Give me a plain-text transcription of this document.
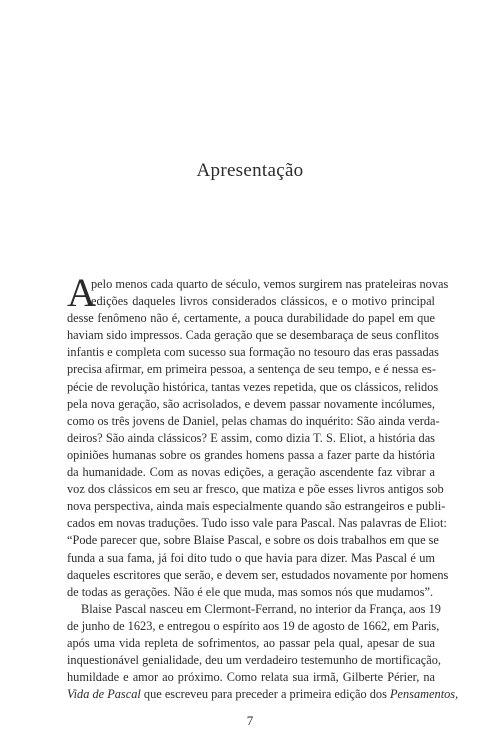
Apresentação
A
pelo menos cada quarto de século, vemos surgirem nas prateleiras novas
edições daqueles livros considerados clássicos, e o motivo principal
desse fenômeno não é, certamente, a pouca durabilidade do papel em que
haviam sido impressos. Cada geração que se desembaraça de seus conflitos
infantis e completa com sucesso sua formação no tesouro das eras passadas
precisa afirmar, em primeira pessoa, a sentença de seu tempo, e é nessa es-
pécie de revolução histórica, tantas vezes repetida, que os clássicos, relidos
pela nova geração, são acrisolados, e devem passar novamente incólumes,
como os três jovens de Daniel, pelas chamas do inquérito: São ainda verda-
deiros? São ainda clássicos? E assim, como dizia T. S. Eliot, a história das
opiniões humanas sobre os grandes homens passa a fazer parte da história
da humanidade. Com as novas edições, a geração ascendente faz vibrar a
voz dos clássicos em seu ar fresco, que matiza e põe esses livros antigos sob
nova perspectiva, ainda mais especialmente quando são estrangeiros e publi-
cados em novas traduções. Tudo isso vale para Pascal. Nas palavras de Eliot:
“Pode parecer que, sobre Blaise Pascal, e sobre os dois trabalhos em que se
funda a sua fama, já foi dito tudo o que havia para dizer. Mas Pascal é um
daqueles escritores que serão, e devem ser, estudados novamente por homens
de todas as gerações. Não é ele que muda, mas somos nós que mudamos”.
Blaise Pascal nasceu em Clermont-Ferrand, no interior da França, aos 19
de junho de 1623, e entregou o espírito aos 19 de agosto de 1662, em Paris,
após uma vida repleta de sofrimentos, ao passar pela qual, apesar de sua
inquestionável genialidade, deu um verdadeiro testemunho de mortificação,
humildade e amor ao próximo. Como relata sua irmã, Gilberte Périer, na
Vida de Pascal que escreveu para preceder a primeira edição dos Pensamentos,
7
